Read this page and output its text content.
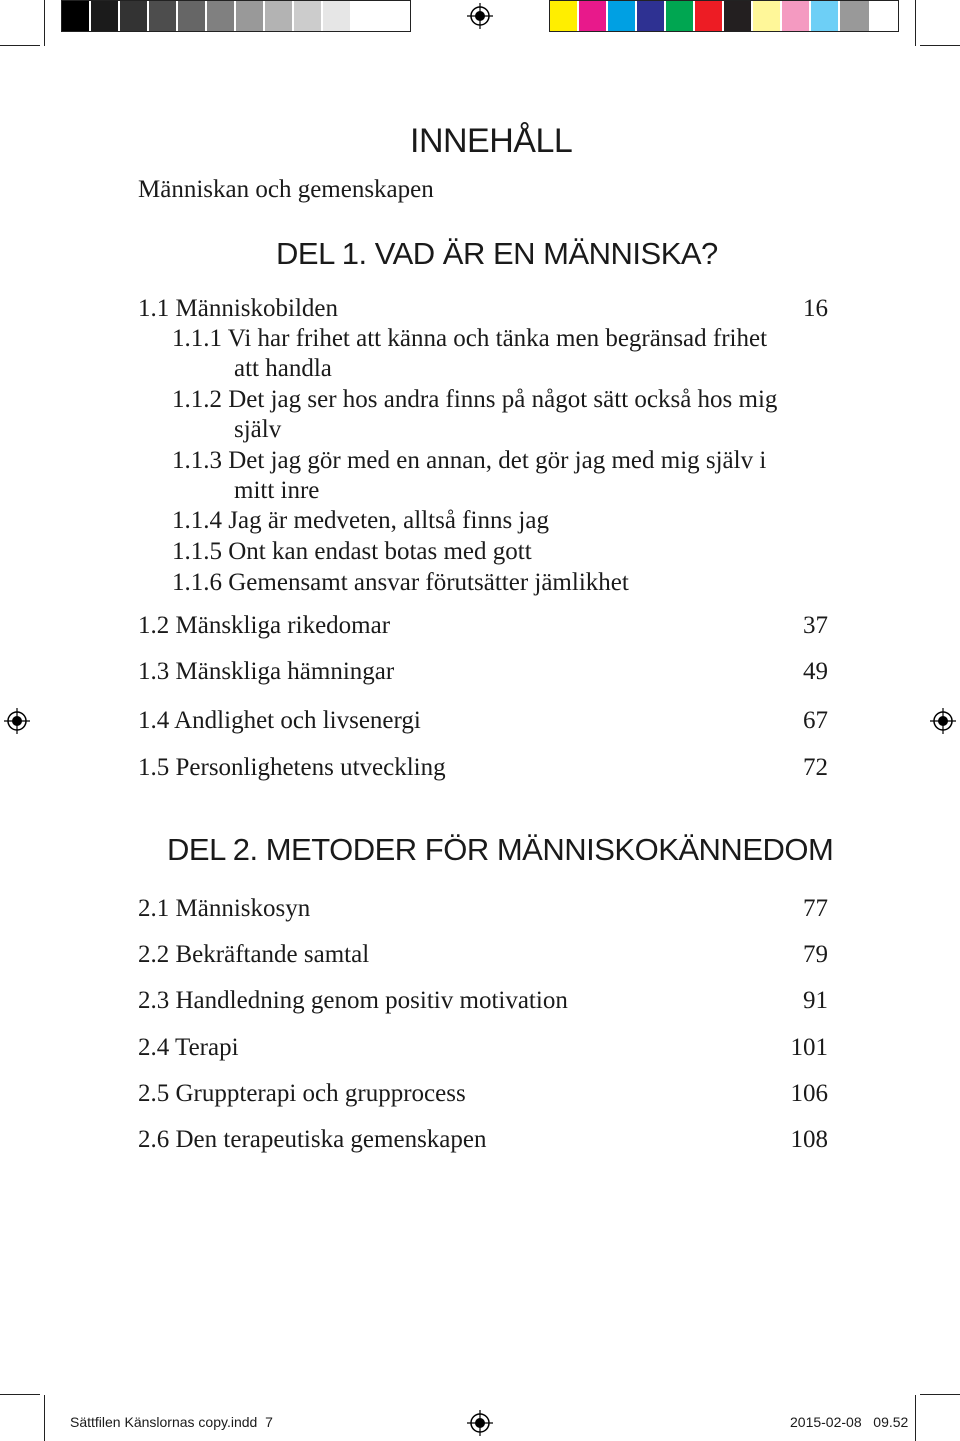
INNEHÅLL
Människan och gemenskapen
DEL 1. VAD ÄR EN MÄNNISKA?
1.1 Människobilden	16
1.1.1 Vi har frihet att känna och tänka men begränsad frihet
att handla
1.1.2 Det jag ser hos andra finns på något sätt också hos mig
själv
1.1.3 Det jag gör med en annan, det gör jag med mig själv i
mitt inre
1.1.4 Jag är medveten, alltså finns jag
1.1.5 Ont kan endast botas med gott
1.1.6 Gemensamt ansvar förutsätter jämlikhet
1.2 Mänskliga rikedomar	37
1.3 Mänskliga hämningar	49
1.4 Andlighet och livsenergi	67
1.5 Personlighetens utveckling	72
DEL 2. METODER FÖR MÄNNISKOKÄNNEDOM
2.1 Människosyn	77
2.2 Bekräftande samtal	79
2.3 Handledning genom positiv motivation	91
2.4 Terapi	101
2.5 Gruppterapi och grupprocess	106
2.6 Den terapeutiska gemenskapen	108
Sättfilen Känslornas copy.indd 7	2015-02-08 09.52
